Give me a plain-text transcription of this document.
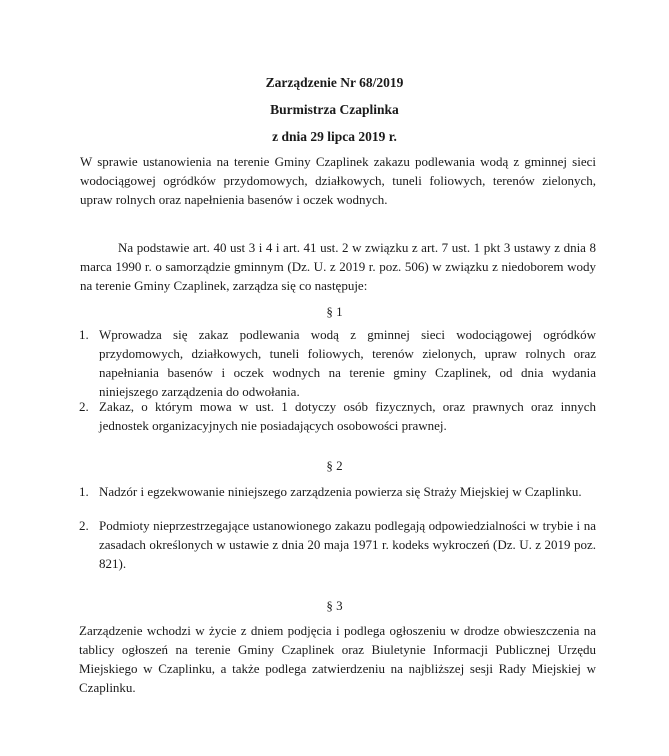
Zarządzenie Nr 68/2019
Burmistrza Czaplinka
z dnia 29 lipca 2019 r.
W sprawie ustanowienia na terenie Gminy Czaplinek zakazu podlewania wodą z gminnej sieci wodociągowej ogródków przydomowych, działkowych, tuneli foliowych, terenów zielonych, upraw rolnych oraz napełnienia basenów i oczek wodnych.
Na podstawie art. 40 ust 3 i 4 i art. 41 ust. 2 w związku z art. 7 ust. 1 pkt 3 ustawy z dnia 8 marca 1990 r. o samorządzie gminnym (Dz. U. z 2019 r. poz. 506) w związku z niedoborem wody na terenie Gminy Czaplinek, zarządza się co następuje:
§ 1
1. Wprowadza się zakaz podlewania wodą z gminnej sieci wodociągowej ogródków przydomowych, działkowych, tuneli foliowych, terenów zielonych, upraw rolnych oraz napełniania basenów i oczek wodnych na terenie gminy Czaplinek, od dnia wydania niniejszego zarządzenia do odwołania.
2. Zakaz, o którym mowa w ust. 1 dotyczy osób fizycznych, oraz prawnych oraz innych jednostek organizacyjnych nie posiadających osobowości prawnej.
§ 2
1. Nadzór i egzekwowanie niniejszego zarządzenia powierza się Straży Miejskiej w Czaplinku.
2. Podmioty nieprzestrzegające ustanowionego zakazu podlegają odpowiedzialności w trybie i na zasadach określonych w ustawie z dnia 20 maja 1971 r. kodeks wykroczeń (Dz. U. z 2019 poz. 821).
§ 3
Zarządzenie wchodzi w życie z dniem podjęcia i podlega ogłoszeniu w drodze obwieszczenia na tablicy ogłoszeń na terenie Gminy Czaplinek oraz Biuletynie Informacji Publicznej Urzędu Miejskiego w Czaplinku, a także podlega zatwierdzeniu na najbliższej sesji Rady Miejskiej w Czaplinku.
